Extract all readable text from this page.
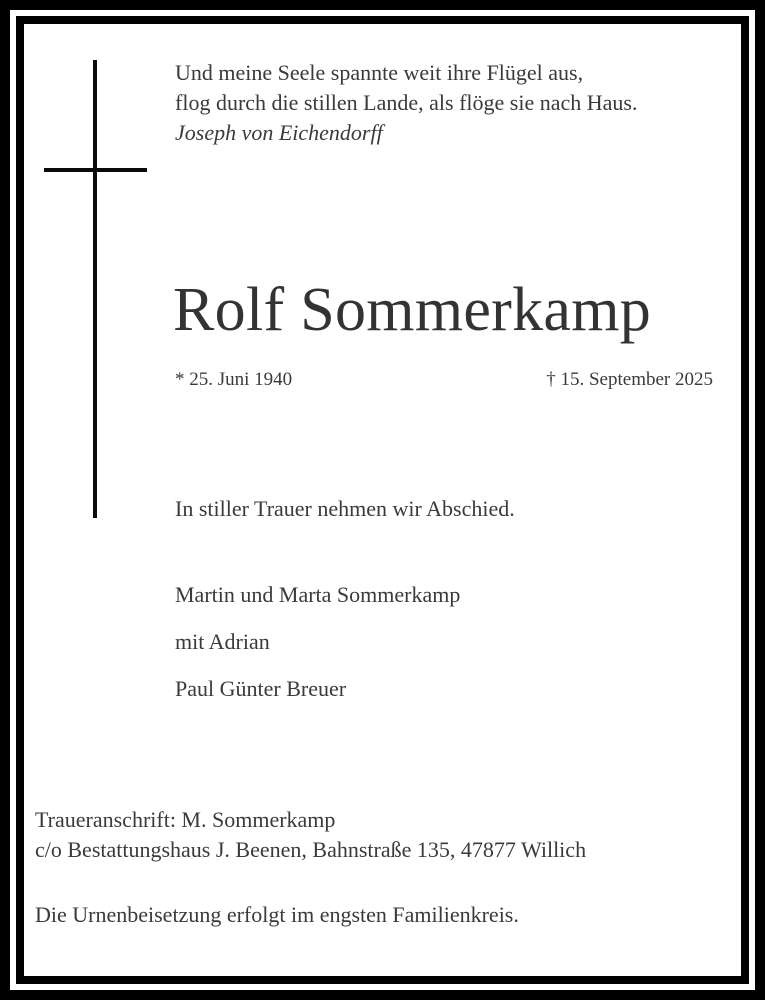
Und meine Seele spannte weit ihre Flügel aus,
flog durch die stillen Lande, als flöge sie nach Haus.
Joseph von Eichendorff
Rolf Sommerkamp
* 25. Juni 1940	† 15. September 2025
In stiller Trauer nehmen wir Abschied.
Martin und Marta Sommerkamp
mit Adrian
Paul Günter Breuer
Traueranschrift: M. Sommerkamp
c/o Bestattungshaus J. Beenen, Bahnstraße 135, 47877 Willich
Die Urnenbeisetzung erfolgt im engsten Familienkreis.
